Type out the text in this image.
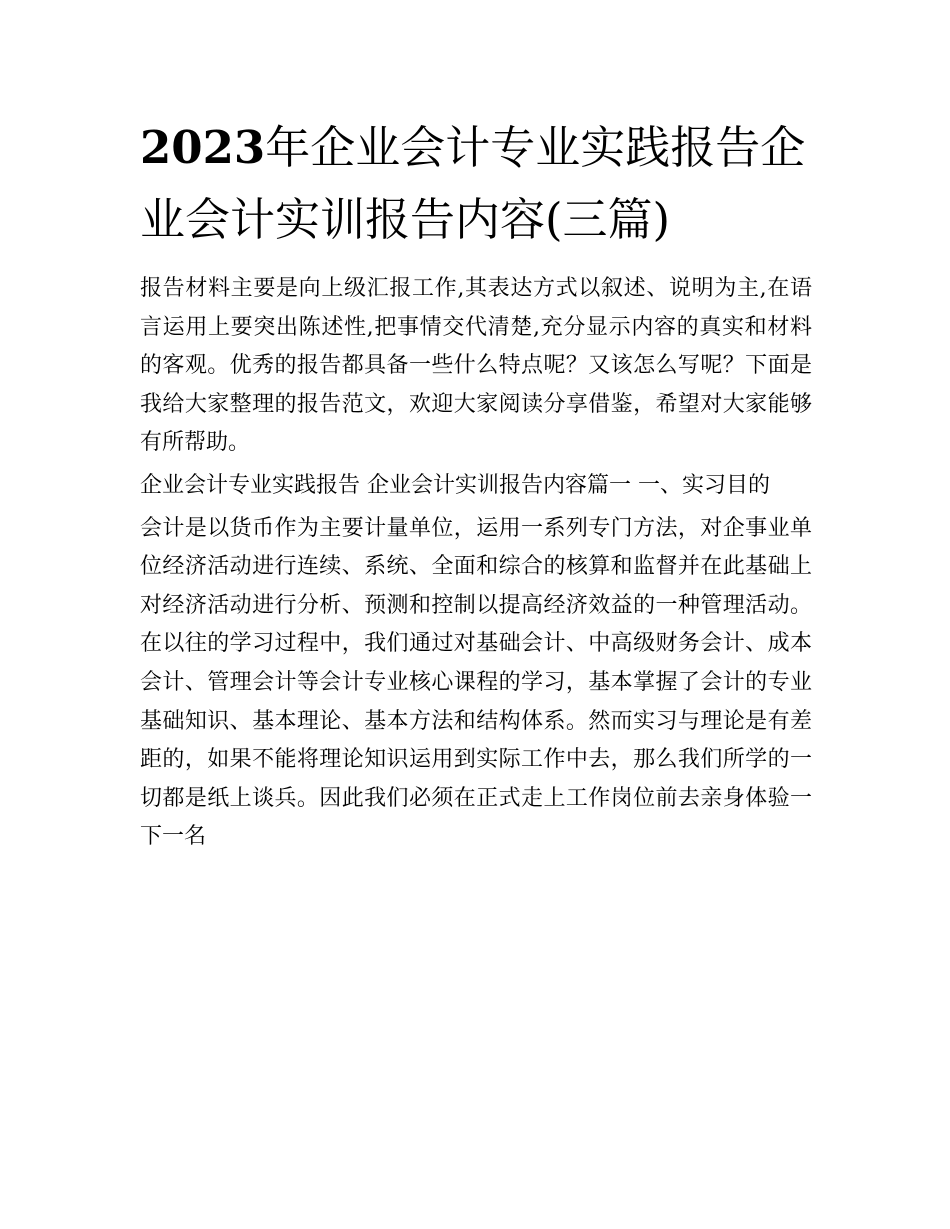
2023年企业会计专业实践报告企业会计实训报告内容(三篇)

报告材料主要是向上级汇报工作,其表达方式以叙述、说明为主,在语言运用上要突出陈述性,把事情交代清楚,充分显示内容的真实和材料的客观。优秀的报告都具备一些什么特点呢？又该怎么写呢？下面是我给大家整理的报告范文，欢迎大家阅读分享借鉴，希望对大家能够有所帮助。

企业会计专业实践报告 企业会计实训报告内容篇一 一、实习目的

会计是以货币作为主要计量单位，运用一系列专门方法，对企事业单位经济活动进行连续、系统、全面和综合的核算和监督并在此基础上对经济活动进行分析、预测和控制以提高经济效益的一种管理活动。在以往的学习过程中，我们通过对基础会计、中高级财务会计、成本会计、管理会计等会计专业核心课程的学习，基本掌握了会计的专业基础知识、基本理论、基本方法和结构体系。然而实习与理论是有差距的，如果不能将理论知识运用到实际工作中去，那么我们所学的一切都是纸上谈兵。因此我们必须在正式走上工作岗位前去亲身体验一下一名
